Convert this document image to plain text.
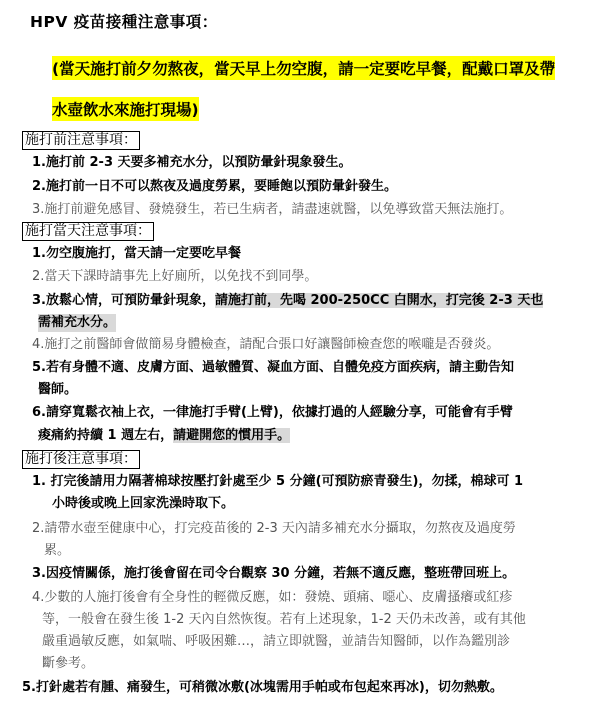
HPV 疫苗接種注意事項：
(當天施打前夕勿熬夜，當天早上勿空腹，請一定要吃早餐，配戴口罩及帶
水壺飲水來施打現場)
施打前注意事項：
1.施打前 2-3 天要多補充水分，以預防暈針現象發生。
2.施打前一日不可以熬夜及過度勞累，要睡飽以預防暈針發生。
3.施打前避免感冒、發燒發生，若已生病者，請盡速就醫，以免導致當天無法施打。
施打當天注意事項：
1.勿空腹施打，當天請一定要吃早餐
2.當天下課時請事先上好廁所，以免找不到同學。
3.放鬆心情，可預防暈針現象，請施打前，先喝 200-250CC 白開水，打完後 2-3 天也
需補充水分。
4.施打之前醫師會做簡易身體檢查，請配合張口好讓醫師檢查您的喉嚨是否發炎。
5.若有身體不適、皮膚方面、過敏體質、凝血方面、自體免疫方面疾病，請主動告知
醫師。
6.請穿寬鬆衣袖上衣，一律施打手臂(上臂)，依據打過的人經驗分享，可能會有手臂
痠痛約持續 1 週左右，請避開您的慣用手。
施打後注意事項：
1. 打完後請用力隔著棉球按壓打針處至少 5 分鐘(可預防瘀青發生)，勿揉，棉球可 1
小時後或晚上回家洗澡時取下。
2.請帶水壺至健康中心，打完疫苗後的 2-3 天內請多補充水分攝取，勿熬夜及過度勞
累。
3.因疫情關係，施打後會留在司令台觀察 30 分鐘，若無不適反應，整班帶回班上。
4.少數的人施打後會有全身性的輕微反應，如：發燒、頭痛、噁心、皮膚搔癢或紅疹
等，一般會在發生後 1-2 天內自然恢復。若有上述現象，1-2 天仍未改善，或有其他
嚴重過敏反應，如氣喘、呼吸困難…，請立即就醫，並請告知醫師，以作為鑑別診
斷參考。
5.打針處若有腫、痛發生，可稍微冰敷(冰塊需用手帕或布包起來再冰)，切勿熱敷。
